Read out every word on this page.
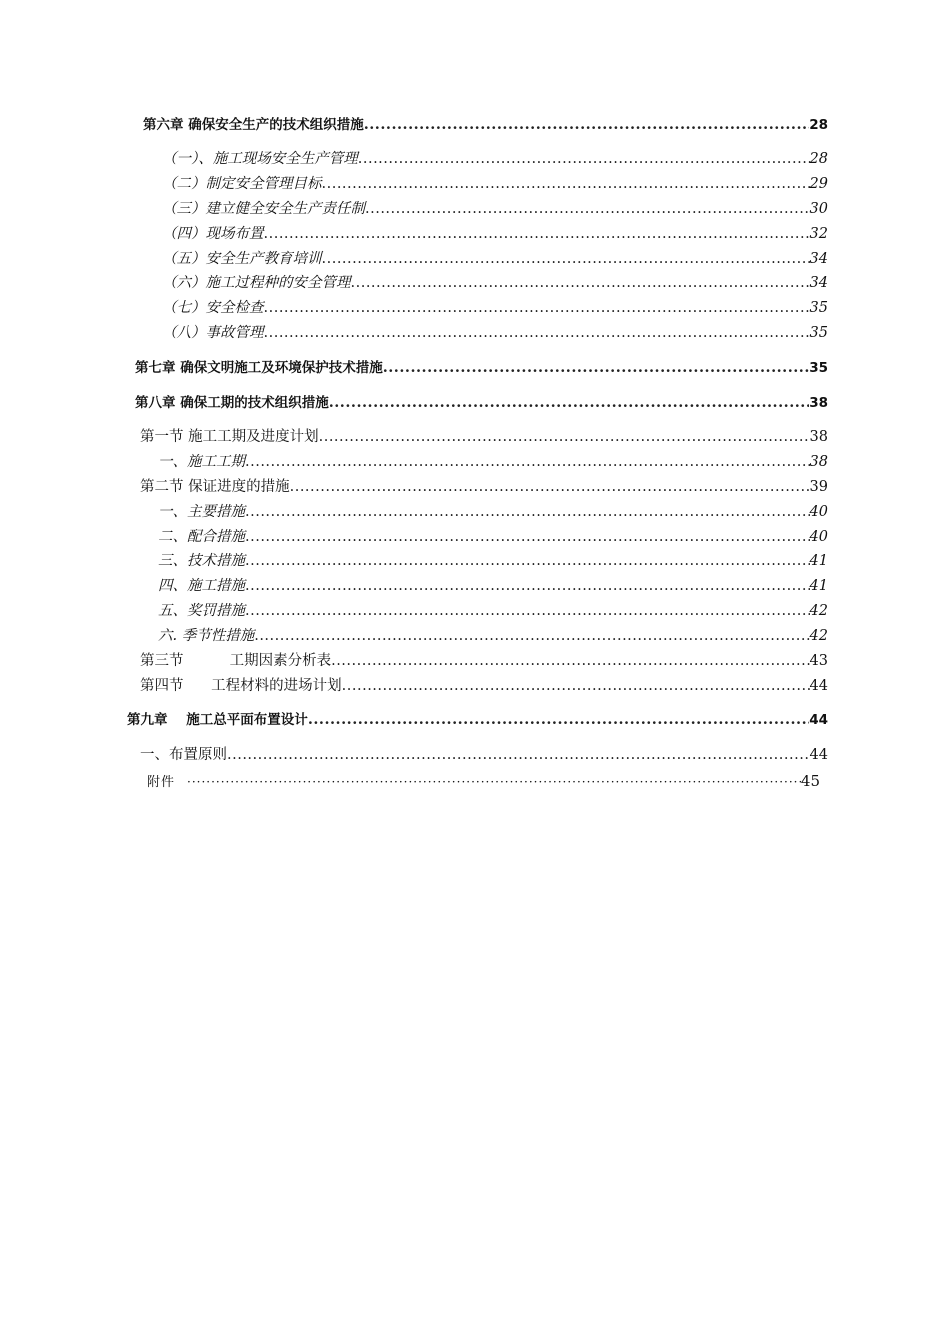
第六章 确保安全生产的技术组织措施 .....	28
（一）、施工现场安全生产管理 .....	28
（二）制定安全管理目标 .....	29
（三）建立健全安全生产责任制 .....	30
（四）现场布置 .....	32
（五）安全生产教育培训 .....	34
（六）施工过程种的安全管理 .....	34
（七）安全检查 .....	35
（八）事故管理 .....	35
第七章 确保文明施工及环境保护技术措施 .....	35
第八章 确保工期的技术组织措施 .....	38
第一节 施工工期及进度计划 .....	38
一、施工工期 .....	38
第二节 保证进度的措施 .....	39
一、主要措施 .....	40
二、配合措施 .....	40
三、技术措施 .....	41
四、施工措施 .....	41
五、奖罚措施 .....	42
六. 季节性措施 .....	42
第三节          工期因素分析表 .....	43
第四节      工程材料的进场计划 .....	44
第九章    施工总平面布置设计 .....	44
一、布置原则 .....	44
附件 ·····	45
